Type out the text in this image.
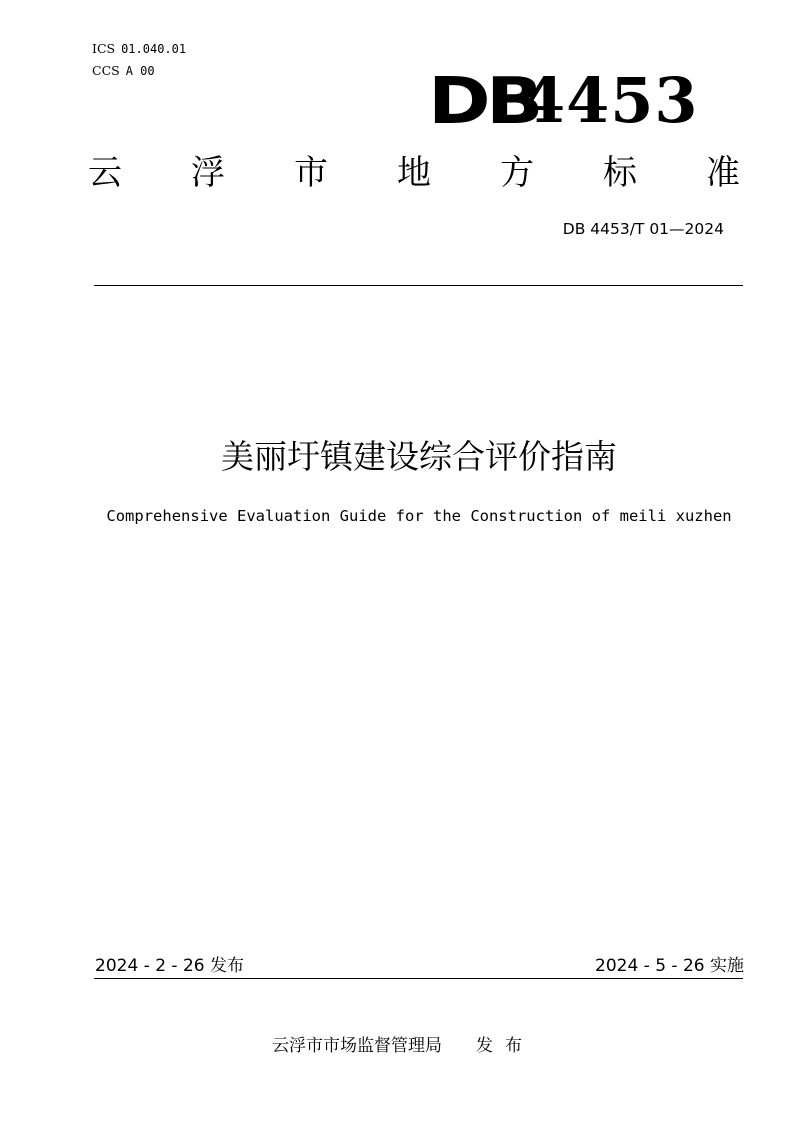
ICS 01.040.01
CCS A 00	DB
4453
云 浮 市 地 方 标 准
DB 4453/T 01—2024
美丽圩镇建设综合评价指南
Comprehensive Evaluation Guide for the Construction of meili xuzhen
2024 - 2 - 26 发布	2024 - 5 - 26 实施
云浮市市场监督管理局 发布
